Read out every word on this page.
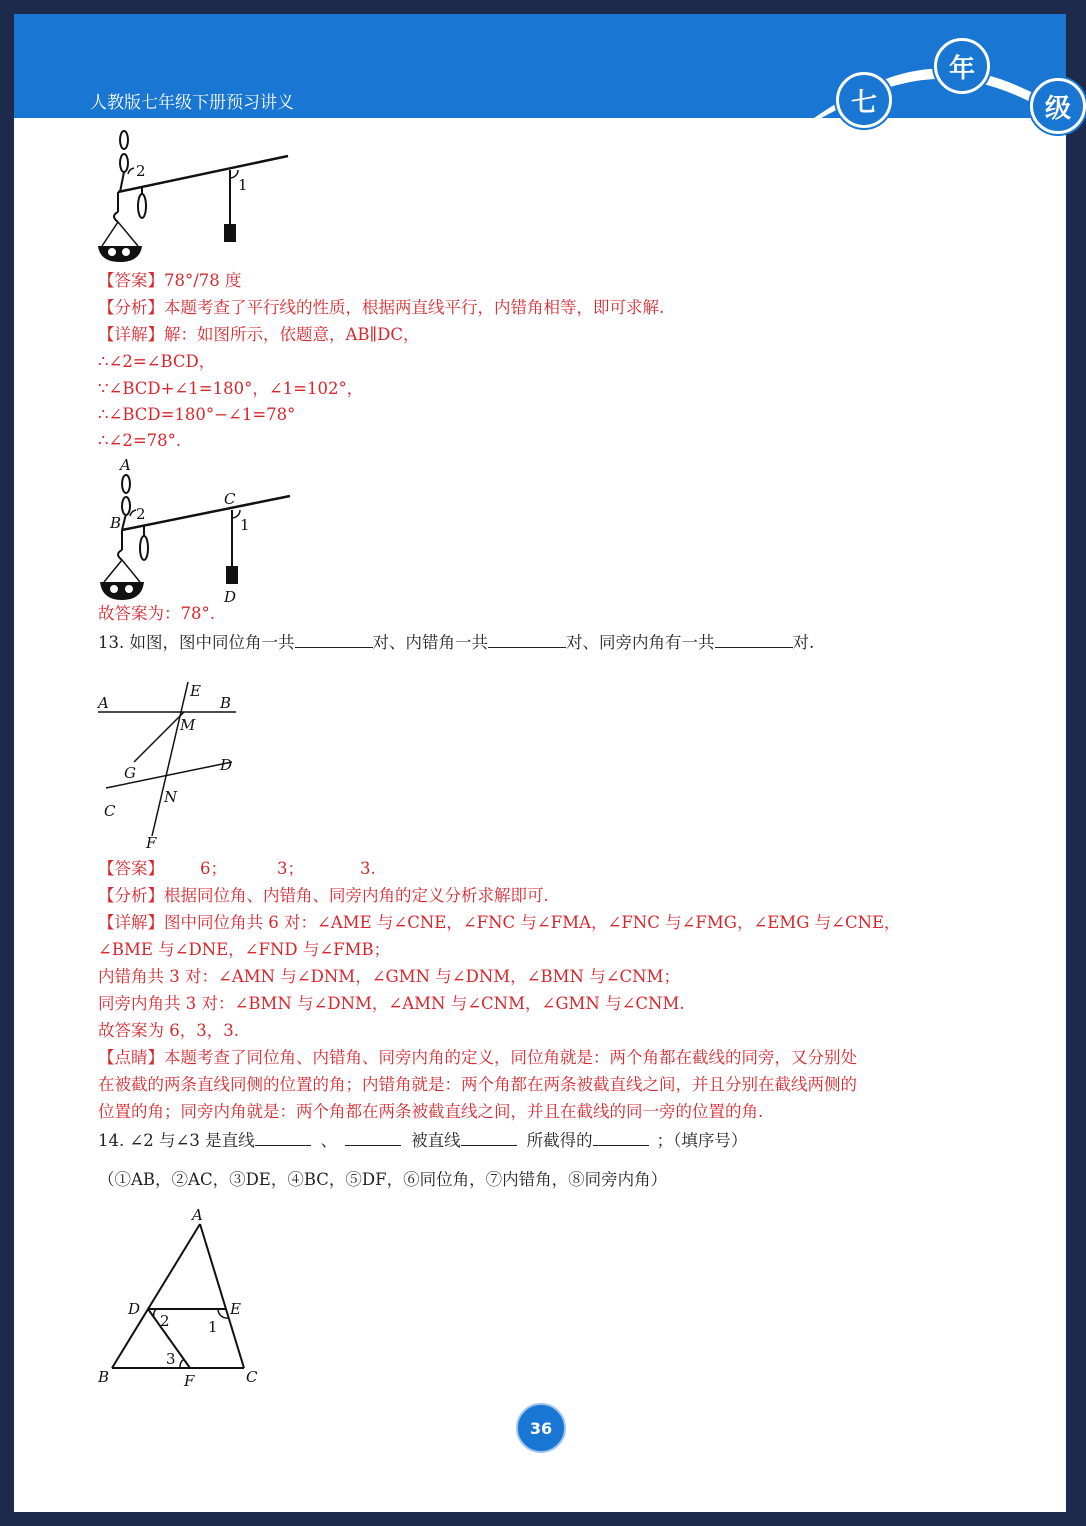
人教版七年级下册预习讲义	七
年
级
2
1
【答案】78°/78 度
【分析】本题考查了平行线的性质，根据两直线平行，内错角相等，即可求解.
【详解】解：如图所示，依题意，AB∥DC，
∴∠2=∠BCD，
∵∠BCD+∠1=180°，∠1=102°，
∴∠BCD=180°−∠1=78°
∴∠2=78°.
A
B 2
C
1
D
故答案为：78°.
13. 如图，图中同位角一共	对、内错角一共	对、同旁内角有一共	对.
E
A	B
M
G	D
C
N
F
【答案】 6；	3；	3.
【分析】根据同位角、内错角、同旁内角的定义分析求解即可.
【详解】图中同位角共 6 对：∠AME 与∠CNE，∠FNC 与∠FMA，∠FNC 与∠FMG，∠EMG 与∠CNE，
∠BME 与∠DNE，∠FND 与∠FMB；
内错角共 3 对：∠AMN 与∠DNM，∠GMN 与∠DNM，∠BMN 与∠CNM；
同旁内角共 3 对：∠BMN 与∠DNM，∠AMN 与∠CNM，∠GMN 与∠CNM.
故答案为 6，3，3.
【点睛】本题考查了同位角、内错角、同旁内角的定义，同位角就是：两个角都在截线的同旁，又分别处
在被截的两条直线同侧的位置的角；内错角就是：两个角都在两条被截直线之间，并且分别在截线两侧的
位置的角；同旁内角就是：两个角都在两条被截直线之间，并且在截线的同一旁的位置的角.
14. ∠2 与∠3 是直线	、	被直线	所截得的	；（填序号）
（①AB，②AC，③DE，④BC，⑤DF，⑥同位角，⑦内错角，⑧同旁内角）
A
D	E
2	1
3
B	F	C
36
